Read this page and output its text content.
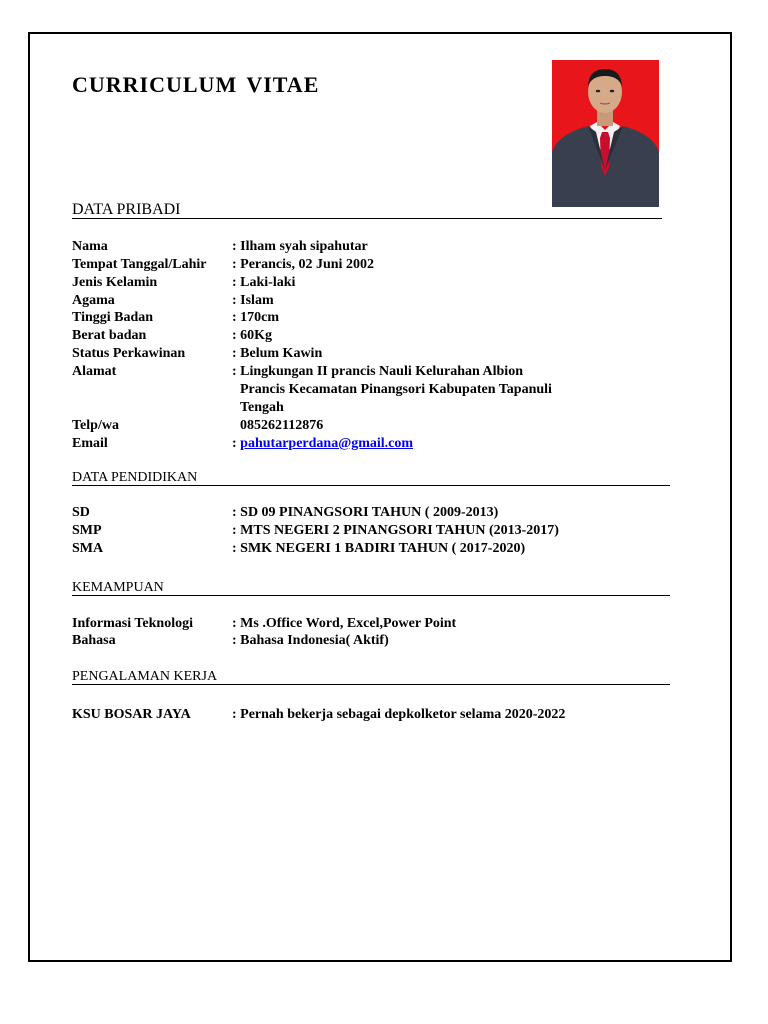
CURRICULUM VITAE
DATA PRIBADI
Nama	: Ilham syah sipahutar
Tempat Tanggal/Lahir : Perancis, 02 Juni 2002
Jenis Kelamin	: Laki-laki
Agama	: Islam
Tinggi Badan	: 170cm
Berat badan	: 60Kg
Status Perkawinan	: Belum Kawin
Alamat	: Lingkungan II prancis Nauli Kelurahan Albion
Prancis Kecamatan Pinangsori Kabupaten Tapanuli
Tengah
Telp/wa	085262112876
Email	: pahutarperdana@gmail.com
DATA PENDIDIKAN
SD	: SD 09 PINANGSORI TAHUN ( 2009-2013)
SMP	: MTS NEGERI 2 PINANGSORI TAHUN (2013-2017)
SMA	: SMK NEGERI 1 BADIRI TAHUN ( 2017-2020)
KEMAMPUAN
Informasi Teknologi	: Ms .Office Word, Excel,Power Point
Bahasa	: Bahasa Indonesia( Aktif)
PENGALAMAN KERJA
KSU BOSAR JAYA	: Pernah bekerja sebagai depkolketor selama 2020-2022
